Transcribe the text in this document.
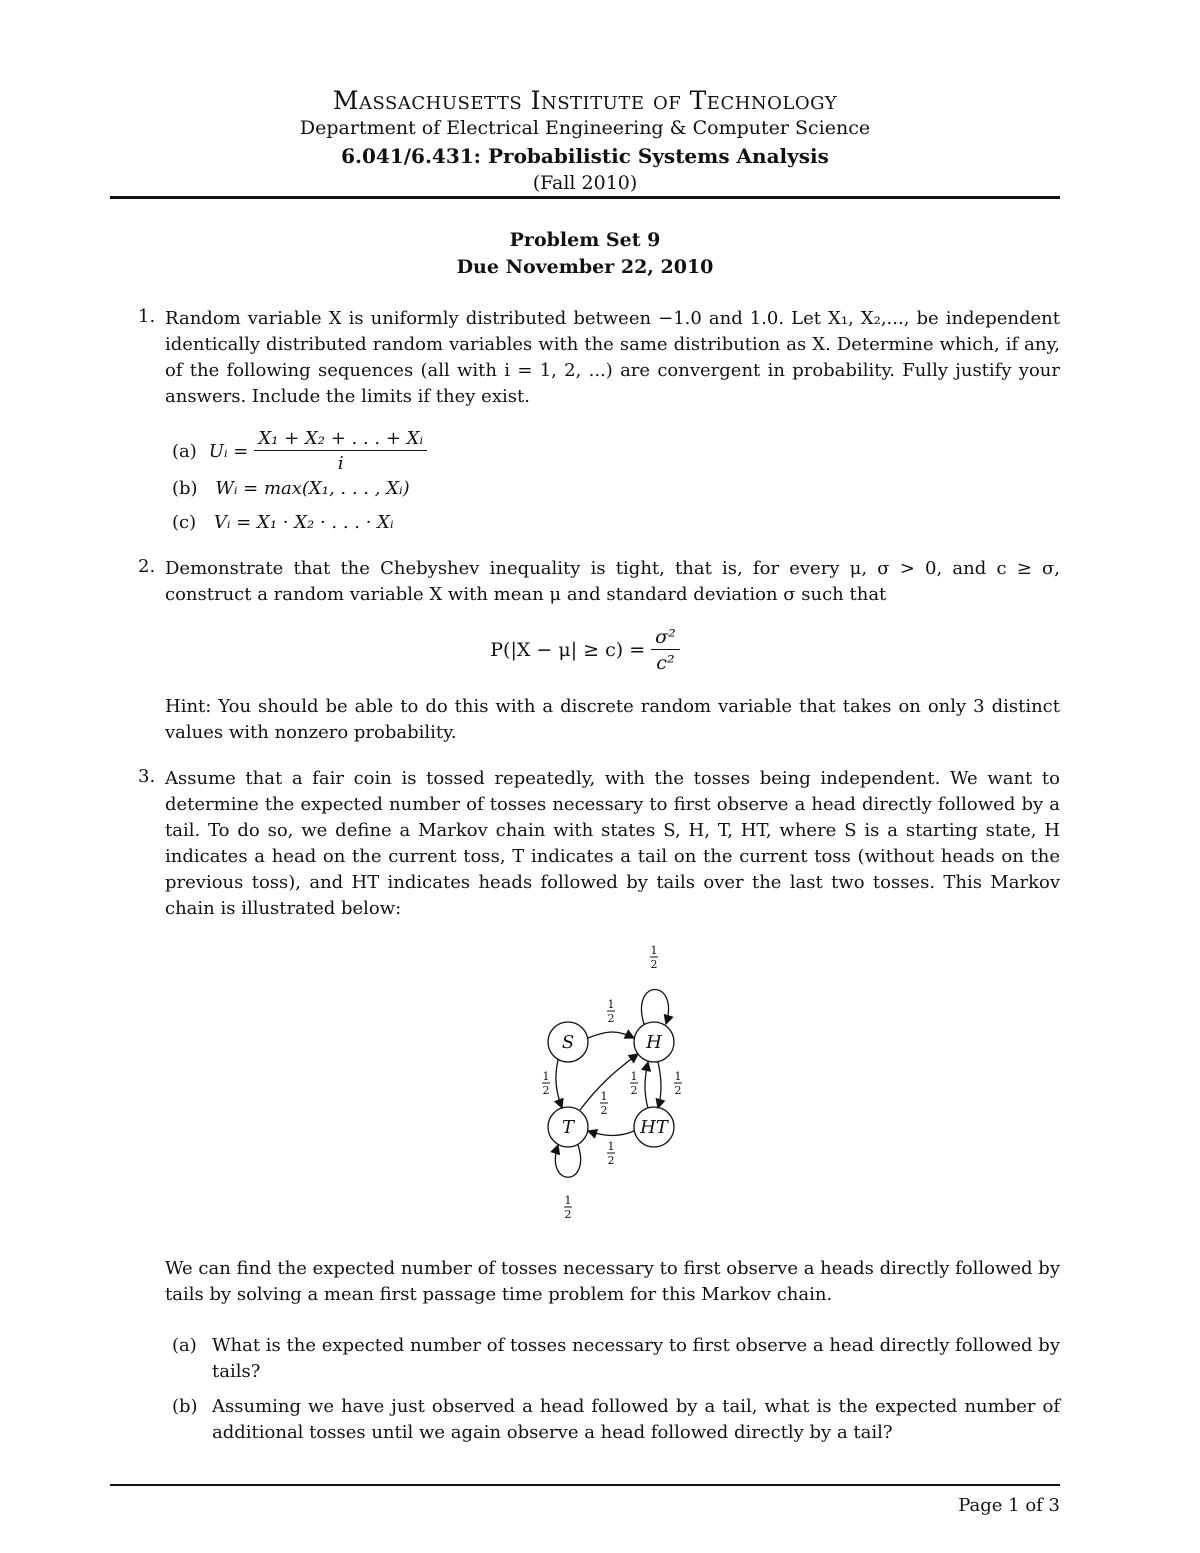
Massachusetts Institute of Technology
Department of Electrical Engineering & Computer Science
6.041/6.431: Probabilistic Systems Analysis
(Fall 2010)
Problem Set 9
Due November 22, 2010
1. Random variable X is uniformly distributed between −1.0 and 1.0. Let X₁, X₂,..., be independent identically distributed random variables with the same distribution as X. Determine which, if any, of the following sequences (all with i = 1, 2, ...) are convergent in probability. Fully justify your answers. Include the limits if they exist.
(a) Uᵢ = $\frac{\text{X₁ + X₂ + . . . + Xᵢ}}{i}$
(b) Wᵢ = max(X₁, . . . , Xᵢ)
(c) Vᵢ = X₁ · X₂ · . . . · Xᵢ
2. Demonstrate that the Chebyshev inequality is tight, that is, for every μ, σ > 0, and c ≥ σ, construct a random variable X with mean μ and standard deviation σ such that
$P(|X - \mu| \ge c) = \frac{\text{σ²}}{\text{c²}}$
Hint: You should be able to do this with a discrete random variable that takes on only 3 distinct values with nonzero probability.
3. Assume that a fair coin is tossed repeatedly, with the tosses being independent. We want to determine the expected number of tosses necessary to first observe a head directly followed by a tail. To do so, we define a Markov chain with states S, H, T, HT, where S is a starting state, H indicates a head on the current toss, T indicates a tail on the current toss (without heads on the previous toss), and HT indicates heads followed by tails over the last two tosses. This Markov chain is illustrated below:
S	H
T	HT
1
2
1
2
1
2	1
2
1
2
1
2
1
2
1
2
We can find the expected number of tosses necessary to first observe a heads directly followed by tails by solving a mean first passage time problem for this Markov chain.
(a) What is the expected number of tosses necessary to first observe a head directly followed by tails?
(b) Assuming we have just observed a head followed by a tail, what is the expected number of additional tosses until we again observe a head followed directly by a tail?
Page 1 of 3
